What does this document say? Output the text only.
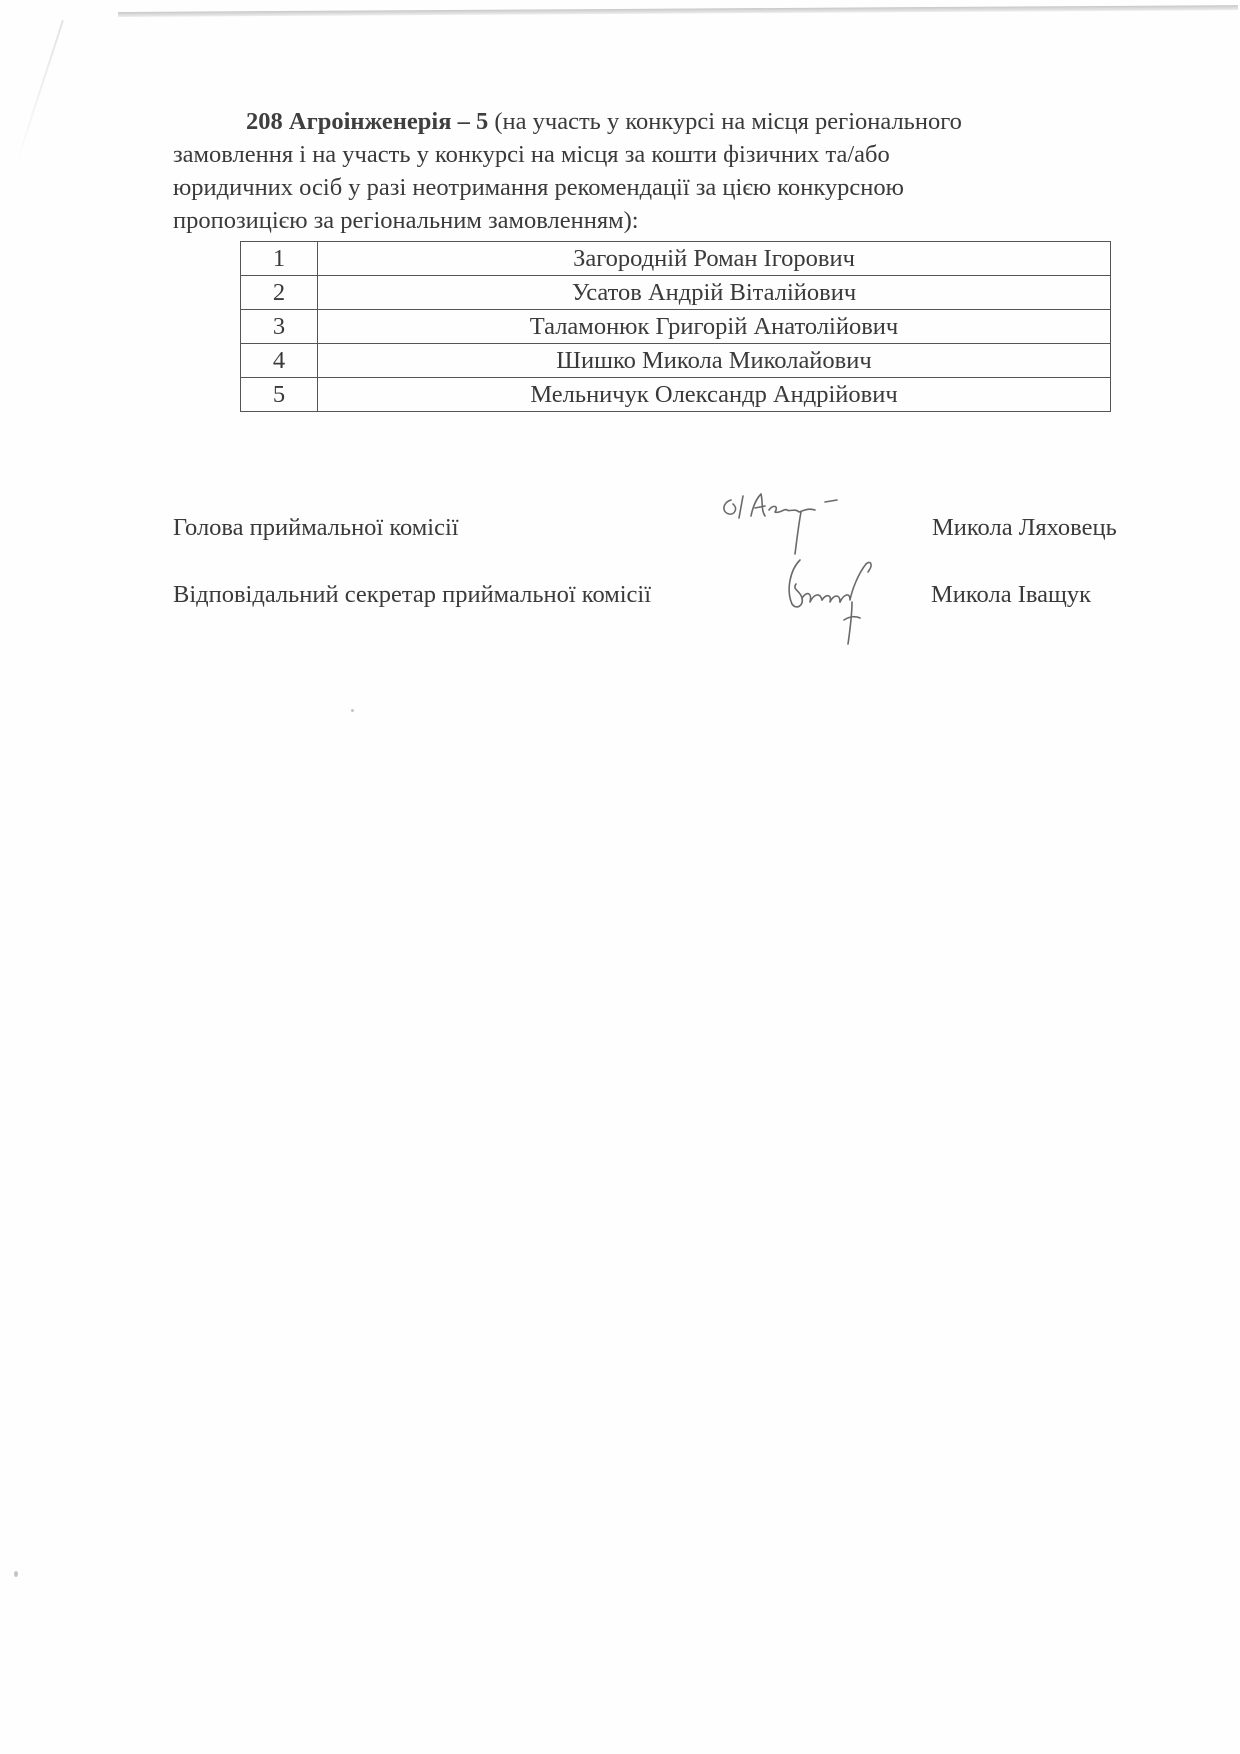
208 Агроінженерія – 5 (на участь у конкурсі на місця регіонального
замовлення і на участь у конкурсі на місця за кошти фізичних та/або
юридичних осіб у разі неотримання рекомендації за цією конкурсною
пропозицією за регіональним замовленням):
1	Загородній Роман Ігорович
2	Усатов Андрій Віталійович
3	Таламонюк Григорій Анатолійович
4	Шишко Микола Миколайович
5	Мельничук Олександр Андрійович
Голова приймальної комісії
Ляховець
Микола Ляховець
Відповідальний секретар приймальної комісії
Іващук
Микола Іващук
